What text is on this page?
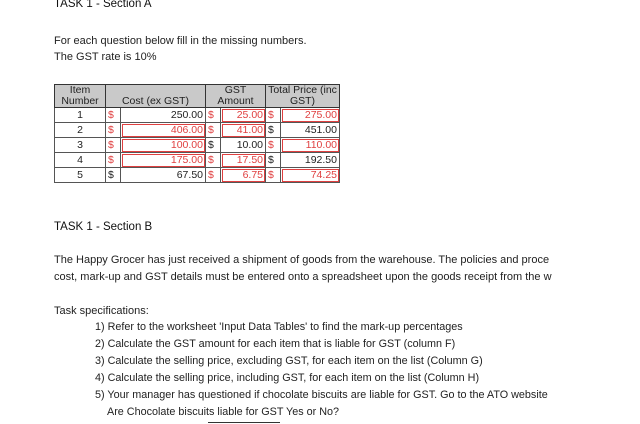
TASK 1 - Section A
For each question below fill in the missing numbers.
The GST rate is 10%
Item
Number	Cost (ex GST)		GST Amount		Total Price (inc
GST)	
1	$	250.00	$	25.00	$	275.00
2	$	406.00	$	41.00	$	451.00
3	$	100.00	$	10.00	$	110.00
4	$	175.00	$	17.50	$	192.50
5	$	67.50	$	6.75	$	74.25
TASK 1 - Section B
The Happy Grocer has just received a shipment of goods from the warehouse. The policies and proce
cost, mark-up and GST details must be entered onto a spreadsheet upon the goods receipt from the w
Task specifications:
1) Refer to the worksheet 'Input Data Tables' to find the mark-up percentages
2) Calculate the GST amount for each item that is liable for GST (column F)
3) Calculate the selling price, excluding GST, for each item on the list (Column G)
4) Calculate the selling price, including GST, for each item on the list (Column H)
5) Your manager has questioned if chocolate biscuits are liable for GST. Go to the ATO website
Are Chocolate biscuits liable for GST Yes or No?
